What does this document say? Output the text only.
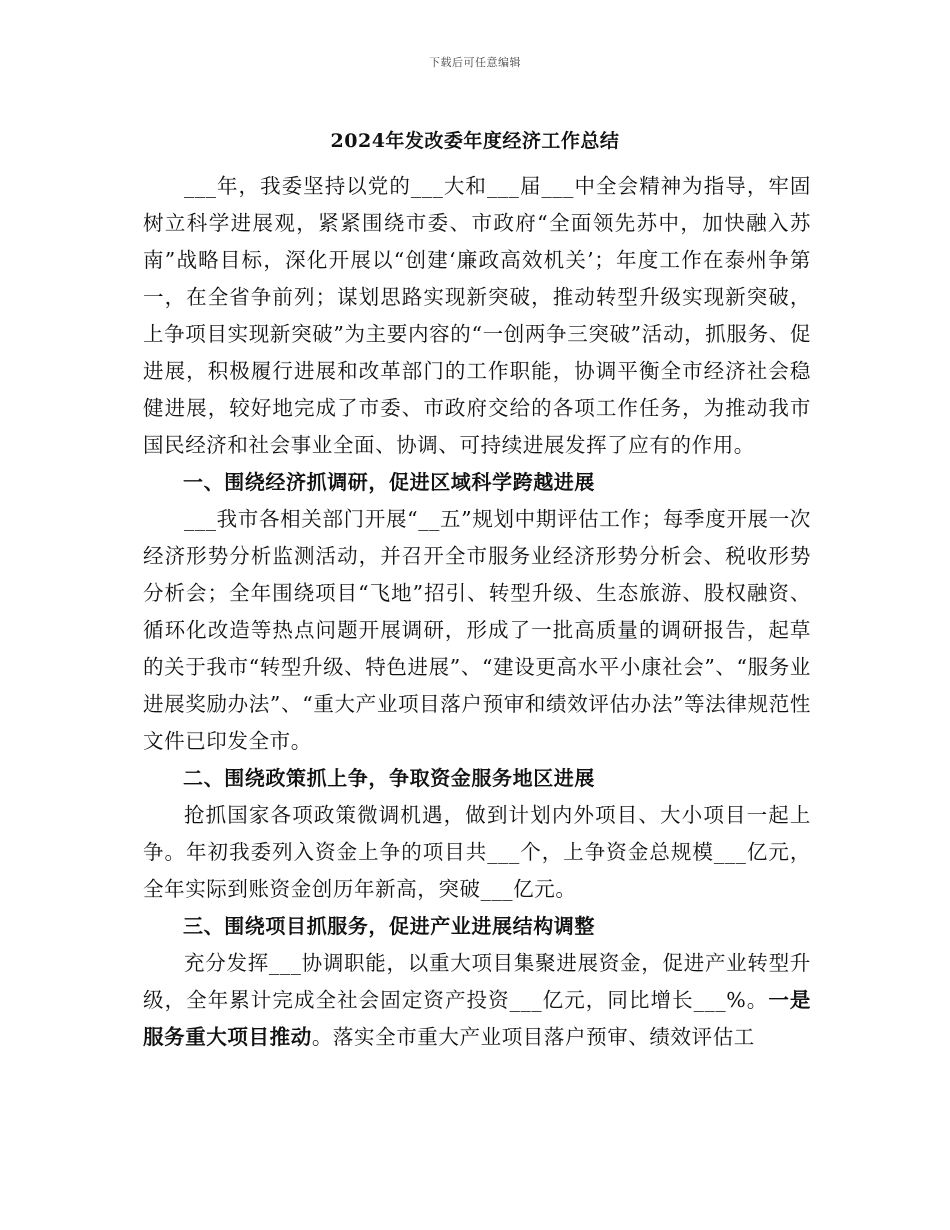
下载后可任意编辑
2024年发改委年度经济工作总结

___年，我委坚持以党的___大和___届___中全会精神为指导，牢固树立科学进展观，紧紧围绕市委、市政府“全面领先苏中，加快融入苏南”战略目标，深化开展以“创建‘廉政高效机关’；年度工作在泰州争第一，在全省争前列；谋划思路实现新突破，推动转型升级实现新突破，上争项目实现新突破”为主要内容的“一创两争三突破”活动，抓服务、促进展，积极履行进展和改革部门的工作职能，协调平衡全市经济社会稳健进展，较好地完成了市委、市政府交给的各项工作任务，为推动我市国民经济和社会事业全面、协调、可持续进展发挥了应有的作用。

一、围绕经济抓调研，促进区域科学跨越进展

___我市各相关部门开展“__五”规划中期评估工作；每季度开展一次经济形势分析监测活动，并召开全市服务业经济形势分析会、税收形势分析会；全年围绕项目“飞地”招引、转型升级、生态旅游、股权融资、循环化改造等热点问题开展调研，形成了一批高质量的调研报告，起草的关于我市“转型升级、特色进展”、“建设更高水平小康社会”、“服务业进展奖励办法”、“重大产业项目落户预审和绩效评估办法”等法律规范性文件已印发全市。

二、围绕政策抓上争，争取资金服务地区进展

抢抓国家各项政策微调机遇，做到计划内外项目、大小项目一起上争。年初我委列入资金上争的项目共___个，上争资金总规模___亿元，全年实际到账资金创历年新高，突破___亿元。

三、围绕项目抓服务，促进产业进展结构调整

充分发挥___协调职能，以重大项目集聚进展资金，促进产业转型升级，全年累计完成全社会固定资产投资___亿元，同比增长___%。一是服务重大项目推动。落实全市重大产业项目落户预审、绩效评估工
